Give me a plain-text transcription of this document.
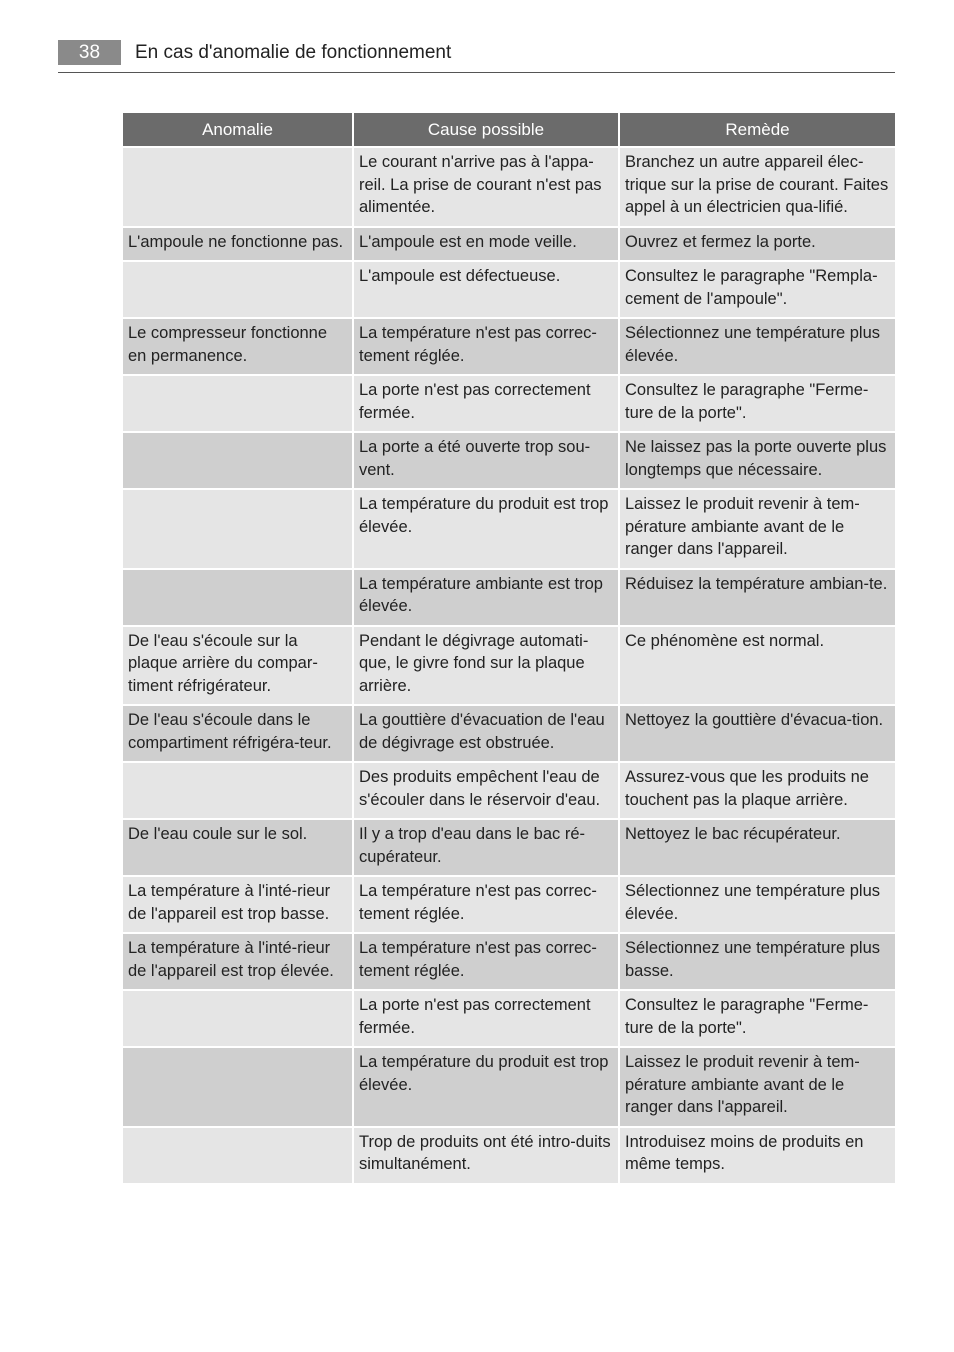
38	En cas d'anomalie de fonctionnement
Anomalie	Cause possible	Remède
	Le courant n'arrive pas à l'appa-reil. La prise de courant n'est pas alimentée.	Branchez un autre appareil élec-trique sur la prise de courant. Faites appel à un électricien qua-lifié.
L'ampoule ne fonctionne pas.	L'ampoule est en mode veille.	Ouvrez et fermez la porte.
	L'ampoule est défectueuse.	Consultez le paragraphe "Rempla-cement de l'ampoule".
Le compresseur fonctionne en permanence.	La température n'est pas correc-tement réglée.	Sélectionnez une température plus élevée.
	La porte n'est pas correctement fermée.	Consultez le paragraphe "Ferme-ture de la porte".
	La porte a été ouverte trop sou-vent.	Ne laissez pas la porte ouverte plus longtemps que nécessaire.
	La température du produit est trop élevée.	Laissez le produit revenir à tem-pérature ambiante avant de le ranger dans l'appareil.
	La température ambiante est trop élevée.	Réduisez la température ambian-te.
De l'eau s'écoule sur la plaque arrière du compar-timent réfrigérateur.	Pendant le dégivrage automati-que, le givre fond sur la plaque arrière.	Ce phénomène est normal.
De l'eau s'écoule dans le compartiment réfrigéra-teur.	La gouttière d'évacuation de l'eau de dégivrage est obstruée.	Nettoyez la gouttière d'évacua-tion.
	Des produits empêchent l'eau de s'écouler dans le réservoir d'eau.	Assurez-vous que les produits ne touchent pas la plaque arrière.
De l'eau coule sur le sol.	Il y a trop d'eau dans le bac ré-cupérateur.	Nettoyez le bac récupérateur.
La température à l'inté-rieur de l'appareil est trop basse.	La température n'est pas correc-tement réglée.	Sélectionnez une température plus élevée.
La température à l'inté-rieur de l'appareil est trop élevée.	La température n'est pas correc-tement réglée.	Sélectionnez une température plus basse.
	La porte n'est pas correctement fermée.	Consultez le paragraphe "Ferme-ture de la porte".
	La température du produit est trop élevée.	Laissez le produit revenir à tem-pérature ambiante avant de le ranger dans l'appareil.
	Trop de produits ont été intro-duits simultanément.	Introduisez moins de produits en même temps.
